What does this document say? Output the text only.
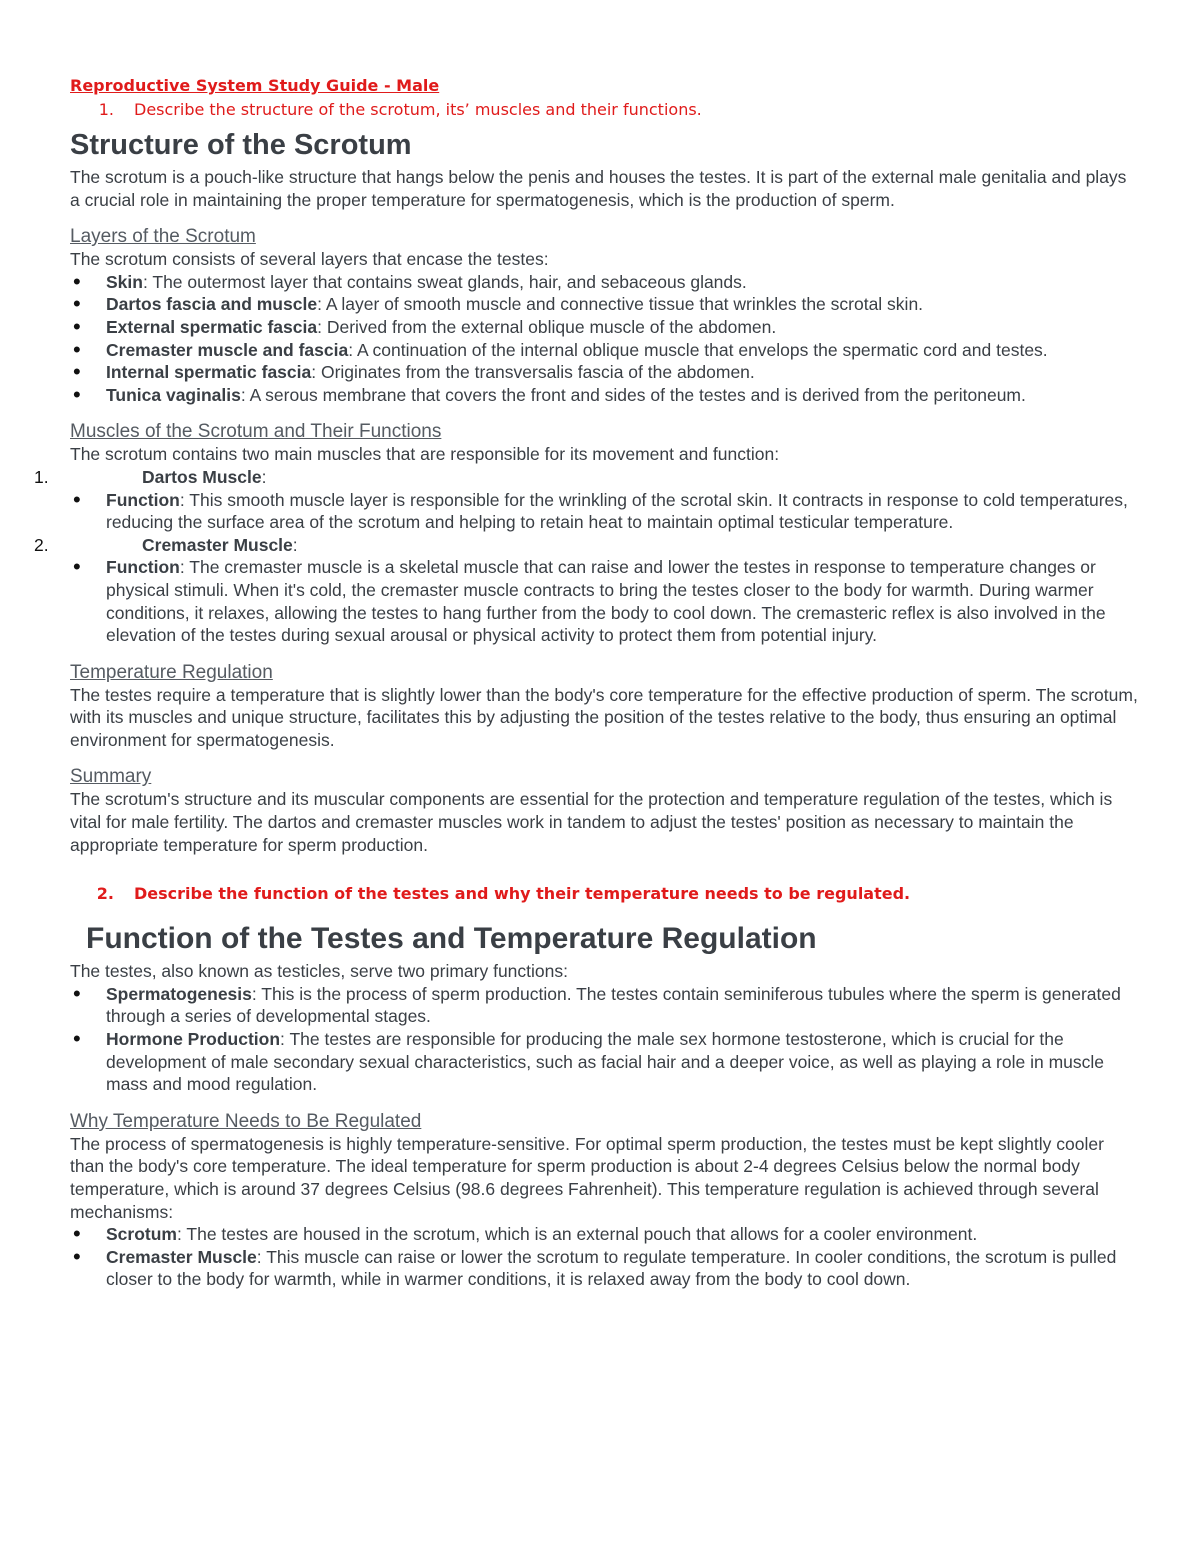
Reproductive System Study Guide - Male
1.	Describe the structure of the scrotum, its’ muscles and their functions.
Structure of the Scrotum

The scrotum is a pouch-like structure that hangs below the penis and houses the testes. It is part of the external male genitalia and plays a crucial role in maintaining the proper temperature for spermatogenesis, which is the production of sperm.

Layers of the Scrotum

The scrotum consists of several layers that encase the testes:

• Skin: The outermost layer that contains sweat glands, hair, and sebaceous glands.
• Dartos fascia and muscle: A layer of smooth muscle and connective tissue that wrinkles the scrotal skin.
• External spermatic fascia: Derived from the external oblique muscle of the abdomen.
• Cremaster muscle and fascia: A continuation of the internal oblique muscle that envelops the spermatic cord and testes.
• Internal spermatic fascia: Originates from the transversalis fascia of the abdomen.
• Tunica vaginalis: A serous membrane that covers the front and sides of the testes and is derived from the peritoneum.
Muscles of the Scrotum and Their Functions

The scrotum contains two main muscles that are responsible for its movement and function:

1.	Dartos Muscle:
• Function: This smooth muscle layer is responsible for the wrinkling of the scrotal skin. It contracts in response to cold temperatures, reducing the surface area of the scrotum and helping to retain heat to maintain optimal testicular temperature.
2.	Cremaster Muscle:
• Function: The cremaster muscle is a skeletal muscle that can raise and lower the testes in response to temperature changes or physical stimuli. When it's cold, the cremaster muscle contracts to bring the testes closer to the body for warmth. During warmer conditions, it relaxes, allowing the testes to hang further from the body to cool down. The cremasteric reflex is also involved in the elevation of the testes during sexual arousal or physical activity to protect them from potential injury.
Temperature Regulation

The testes require a temperature that is slightly lower than the body's core temperature for the effective production of sperm. The scrotum, with its muscles and unique structure, facilitates this by adjusting the position of the testes relative to the body, thus ensuring an optimal environment for spermatogenesis.

Summary

The scrotum's structure and its muscular components are essential for the protection and temperature regulation of the testes, which is vital for male fertility. The dartos and cremaster muscles work in tandem to adjust the testes' position as necessary to maintain the appropriate temperature for sperm production.

2.	Describe the function of the testes and why their temperature needs to be regulated.
Function of the Testes and Temperature Regulation

The testes, also known as testicles, serve two primary functions:

• Spermatogenesis: This is the process of sperm production. The testes contain seminiferous tubules where the sperm is generated through a series of developmental stages.
• Hormone Production: The testes are responsible for producing the male sex hormone testosterone, which is crucial for the development of male secondary sexual characteristics, such as facial hair and a deeper voice, as well as playing a role in muscle mass and mood regulation.
Why Temperature Needs to Be Regulated

The process of spermatogenesis is highly temperature-sensitive. For optimal sperm production, the testes must be kept slightly cooler than the body's core temperature. The ideal temperature for sperm production is about 2-4 degrees Celsius below the normal body temperature, which is around 37 degrees Celsius (98.6 degrees Fahrenheit). This temperature regulation is achieved through several mechanisms:

• Scrotum: The testes are housed in the scrotum, which is an external pouch that allows for a cooler environment.
• Cremaster Muscle: This muscle can raise or lower the scrotum to regulate temperature. In cooler conditions, the scrotum is pulled closer to the body for warmth, while in warmer conditions, it is relaxed away from the body to cool down.
